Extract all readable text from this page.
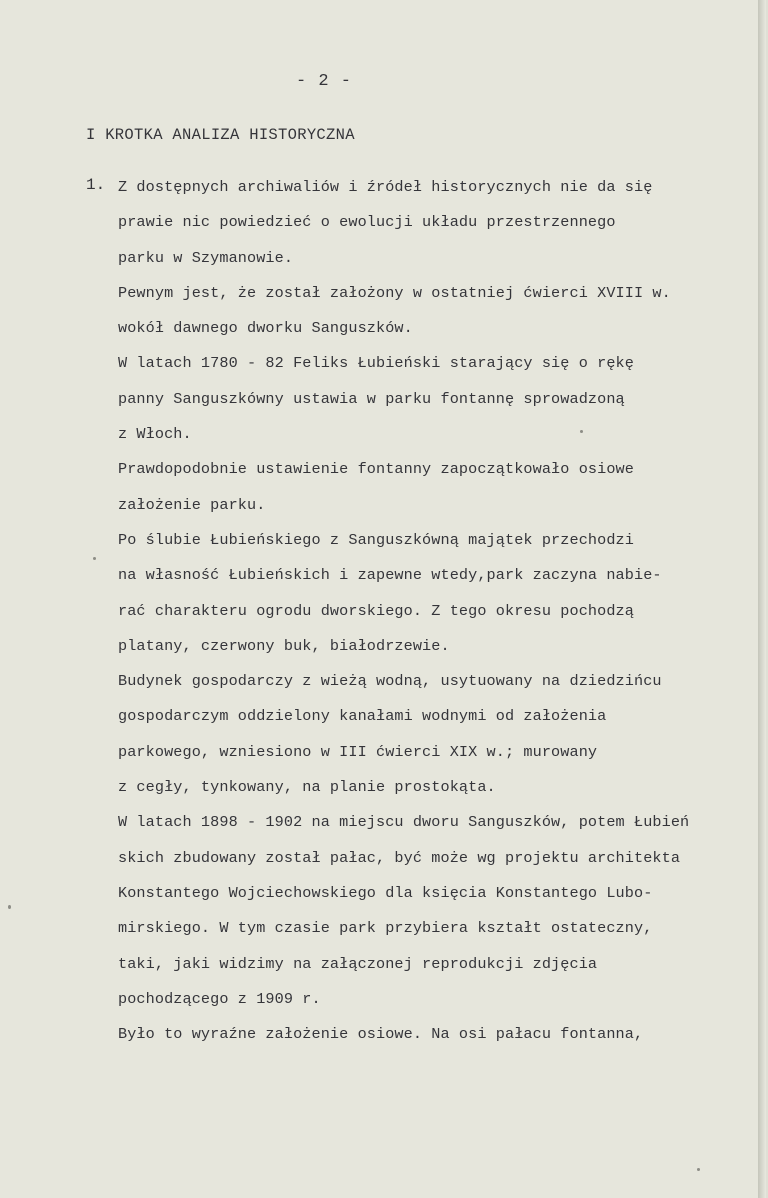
- 2 -
I KROTKA ANALIZA HISTORYCZNA
1. Z dostępnych archiwaliów i źródeł historycznych nie da się
prawie nic powiedzieć o ewolucji układu przestrzennego
parku w Szymanowie.
Pewnym jest, że został założony w ostatniej ćwierci XVIII w.
wokół dawnego dworku Sanguszków.
W latach 1780 - 82 Feliks Łubieński starający się o rękę
panny Sanguszkówny ustawia w parku fontannę sprowadzoną
z Włoch.
Prawdopodobnie ustawienie fontanny zapoczątkowało osiowe
założenie parku.
Po ślubie Łubieńskiego z Sanguszkówną majątek przechodzi
na własność Łubieńskich i zapewne wtedy,park zaczyna nabie-
rać charakteru ogrodu dworskiego. Z tego okresu pochodzą
platany, czerwony buk, białodrzewie.
Budynek gospodarczy z wieżą wodną, usytuowany na dziedzińcu
gospodarczym oddzielony kanałami wodnymi od założenia
parkowego, wzniesiono w III ćwierci XIX w.; murowany
z cegły, tynkowany, na planie prostokąta.
W latach 1898 - 1902 na miejscu dworu Sanguszków, potem Łubień
skich zbudowany został pałac, być może wg projektu architekta
Konstantego Wojciechowskiego dla księcia Konstantego Lubo-
mirskiego. W tym czasie park przybiera kształt ostateczny,
taki, jaki widzimy na załączonej reprodukcji zdjęcia
pochodzącego z 1909 r.
Było to wyraźne założenie osiowe. Na osi pałacu fontanna,
